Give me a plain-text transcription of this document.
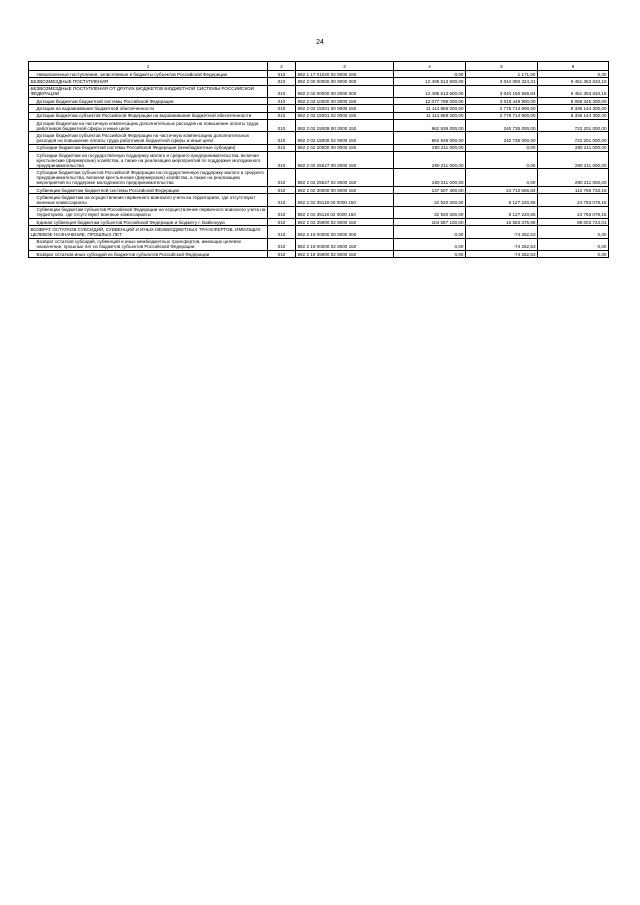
24
1	2	3	4	5	6

Невыясненные поступления, зачисляемые в бюджеты субъектов Российской Федерации	010	892 1 17 01020 02 0000 180	0,00	1 171,00	0,00
БЕЗВОЗМЕЗДНЫЕ ПОСТУПЛЕНИЯ	010	892 2 00 00000 00 0000 000	12 495 513 600,00	3 044 080 324,31	9 451 353 633,15
БЕЗВОЗМЕЗДНЫЕ ПОСТУПЛЕНИЯ ОТ ДРУГИХ БЮДЖЕТОВ БЮДЖЕТНОЙ СИСТЕМЫ РОССИЙСКОЙ ФЕДЕРАЦИИ	010	892 2 02 00000 00 0000 000	12 495 513 600,00	3 044 160 566,84	9 451 353 633,15

Дотации бюджетам бюджетной системы Российской Федерации	010	892 2 02 10000 00 0000 150	12 077 795 200,00	3 019 449 900,00	9 058 345 300,00

Дотации на выравнивание бюджетной обеспеченности	010	892 2 02 15001 00 0000 150	11 114 859 200,00	2 778 714 900,00	8 336 144 300,00

Дотации бюджетам субъектов Российской Федерации на выравнивание бюджетной обеспеченности	010	892 2 02 15001 02 0000 150	11 114 859 200,00	2 778 714 900,00	8 336 144 300,00

Дотации бюджетам на частичную компенсацию дополнительных расходов на повышение оплаты труда работников бюджетной сферы и иные цели	010	892 2 02 15009 00 0000 150	962 936 000,00	240 735 000,00	722 201 000,00

Дотации бюджетам субъектов Российской Федерации на частичную компенсацию дополнительных расходов на повышение оплаты труда работников бюджетной сферы и иные цели	010	892 2 02 15009 02 0000 150	962 936 000,00	240 735 000,00	722 201 000,00

Субсидии бюджетам бюджетной системы Российской Федерации (межбюджетные субсидии)	010	892 2 02 20000 00 0000 150	280 211 000,00	0,00	280 211 000,00

Субсидии бюджетам на государственную поддержку малого и среднего предпринимательства, включая крестьянские (фермерские) хозяйства, а также на реализацию мероприятий по поддержке молодежного предпринимательства	010	892 2 02 25527 00 0000 150	280 211 000,00	0,00	280 211 000,00

Субсидии бюджетам субъектов Российской Федерации на государственную поддержку малого и среднего предпринимательства, включая крестьянские (фермерские) хозяйства, а также на реализацию мероприятий по поддержке молодежного предпринимательства	010	892 2 02 25527 02 0000 150	280 211 000,00	0,00	280 211 000,00

Субвенции бюджетам бюджетной системы Российской Федерации	010	892 2 02 30000 00 0000 150	137 507 400,00	24 710 666,84	112 796 733,16

Субвенции бюджетам на осуществление первичного воинского учета на территориях, где отсутствуют военные комиссариаты	010	892 2 02 35118 00 0000 150	32 920 300,00	8 127 220,85	24 793 079,15

Субвенции бюджетам субъектов Российской Федерации на осуществление первичного воинского учета на территориях, где отсутствуют военные комиссариаты	010	892 2 02 35118 02 0000 150	32 920 300,00	8 127 220,85	24 793 079,15

Единая субвенция бюджетам субъектов Российской Федерации и бюджету г. Байконура	010	892 2 02 35900 02 0000 150	104 587 100,00	16 583 375,99	88 003 724,01
ВОЗВРАТ ОСТАТКОВ СУБСИДИЙ, СУБВЕНЦИЙ И ИНЫХ МЕЖБЮДЖЕТНЫХ ТРАНСФЕРТОВ, ИМЕЮЩИХ ЦЕЛЕВОЕ НАЗНАЧЕНИЕ, ПРОШЛЫХ ЛЕТ	010	892 2 19 00000 00 0000 000	0,00	-74 252,53	0,00

Возврат остатков субсидий, субвенций и иных межбюджетных трансфертов, имеющих целевое назначение, прошлых лет из бюджетов субъектов Российской Федерации	010	892 2 19 00000 02 0000 150	0,00	-74 252,53	0,00

Возврат остатков иных субсидий из бюджетов субъектов Российской Федерации	010	892 2 19 35900 02 0000 150	0,00	-74 252,53	0,00
